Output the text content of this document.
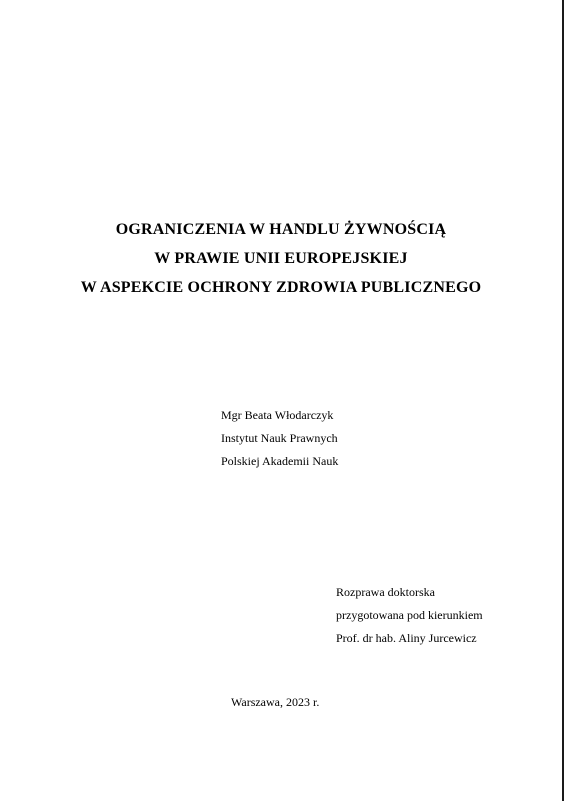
OGRANICZENIA W HANDLU ŻYWNOŚCIĄ
W PRAWIE UNII EUROPEJSKIEJ
W ASPEKCIE OCHRONY ZDROWIA PUBLICZNEGO
Mgr Beata Włodarczyk
Instytut Nauk Prawnych
Polskiej Akademii Nauk
Rozprawa doktorska
przygotowana pod kierunkiem
Prof. dr hab. Aliny Jurcewicz
Warszawa, 2023 r.
